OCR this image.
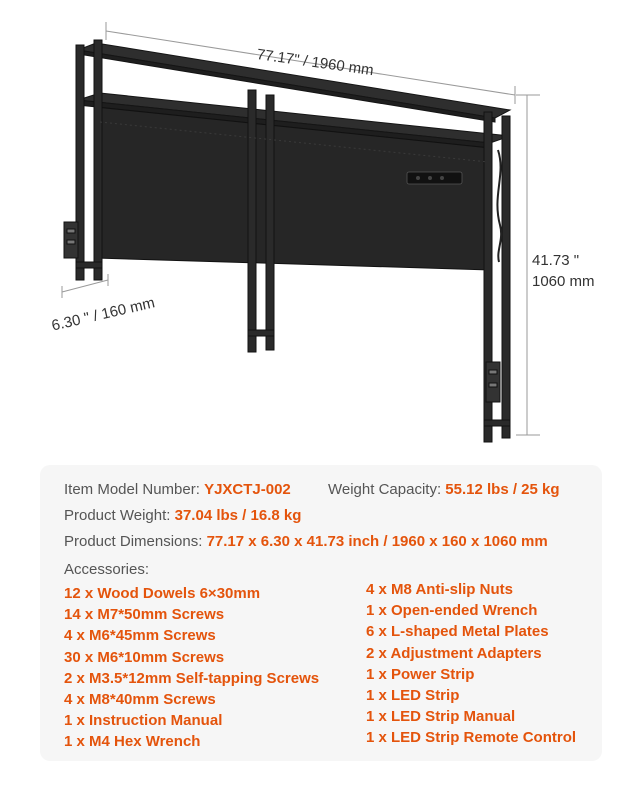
77.17" / 1960 mm
41.73 "
1060 mm
6.30 " / 160 mm
Item Model Number: YJXCTJ-002 Weight Capacity: 55.12 lbs / 25 kg
Product Weight: 37.04 lbs / 16.8 kg
Product Dimensions: 77.17 x 6.30 x 41.73 inch / 1960 x 160 x 1060 mm
Accessories:
12 x Wood Dowels 6×30mm
14 x M7*50mm Screws
4 x M6*45mm Screws
30 x M6*10mm Screws
2 x M3.5*12mm Self-tapping Screws
4 x M8*40mm Screws
1 x Instruction Manual
1 x M4 Hex Wrench
4 x M8 Anti-slip Nuts
1 x Open-ended Wrench
6 x L-shaped Metal Plates
2 x Adjustment Adapters
1 x Power Strip
1 x LED Strip
1 x LED Strip Manual
1 x LED Strip Remote Control
